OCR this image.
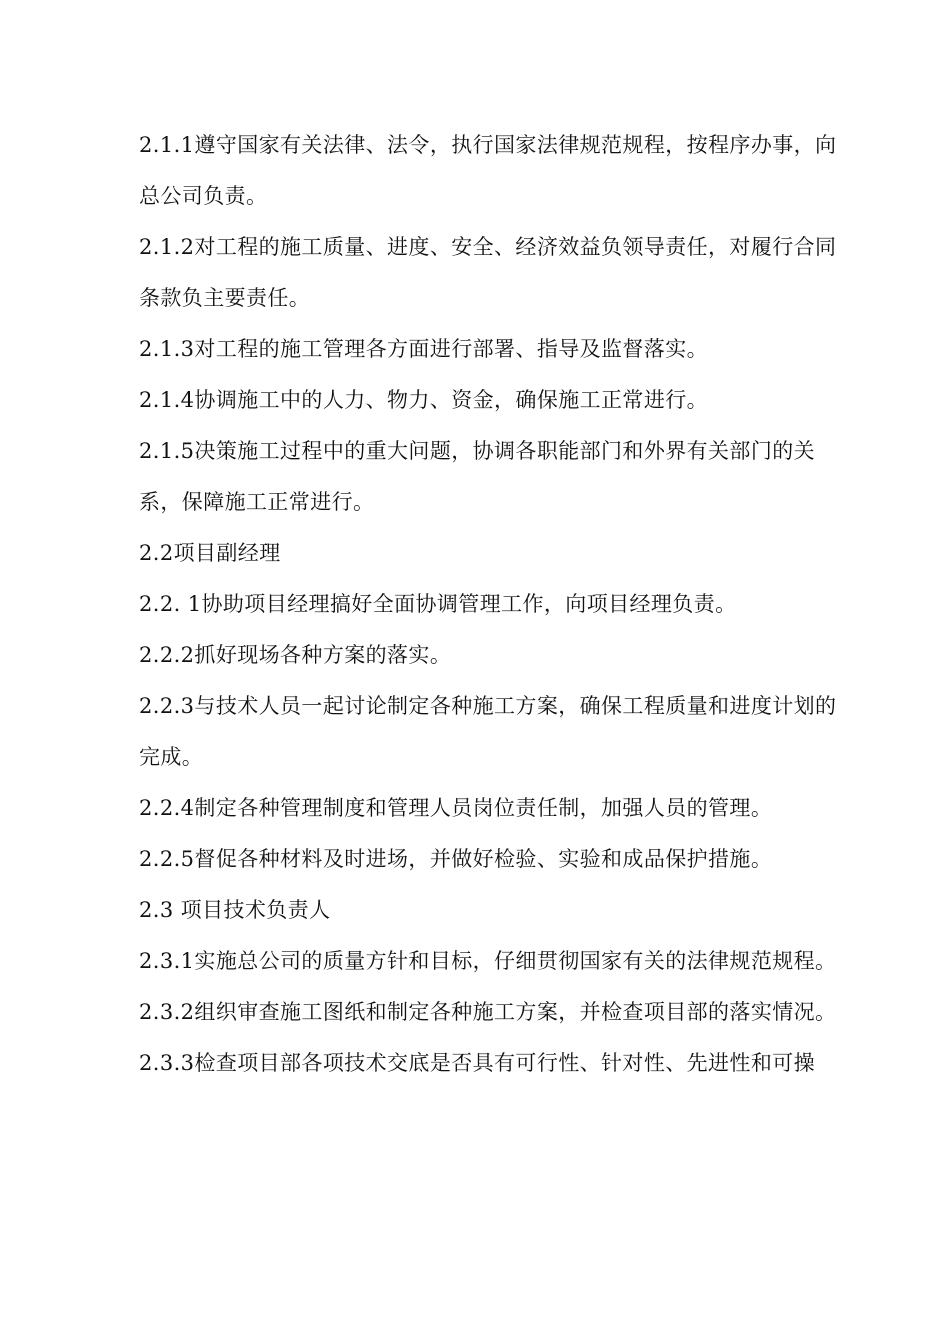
2.1.1遵守国家有关法律、法令，执行国家法律规范规程，按程序办事，向总公司负责。

2.1.2对工程的施工质量、进度、安全、经济效益负领导责任，对履行合同条款负主要责任。

2.1.3对工程的施工管理各方面进行部署、指导及监督落实。

2.1.4协调施工中的人力、物力、资金，确保施工正常进行。

2.1.5决策施工过程中的重大问题，协调各职能部门和外界有关部门的关系，保障施工正常进行。

2.2项目副经理

2.2. 1协助项目经理搞好全面协调管理工作，向项目经理负责。

2.2.2抓好现场各种方案的落实。

2.2.3与技术人员一起讨论制定各种施工方案，确保工程质量和进度计划的完成。

2.2.4制定各种管理制度和管理人员岗位责任制，加强人员的管理。

2.2.5督促各种材料及时进场，并做好检验、实验和成品保护措施。

2.3 项目技术负责人

2.3.1实施总公司的质量方针和目标，仔细贯彻国家有关的法律规范规程。

2.3.2组织审查施工图纸和制定各种施工方案，并检查项目部的落实情况。

2.3.3检查项目部各项技术交底是否具有可行性、针对性、先进性和可操
